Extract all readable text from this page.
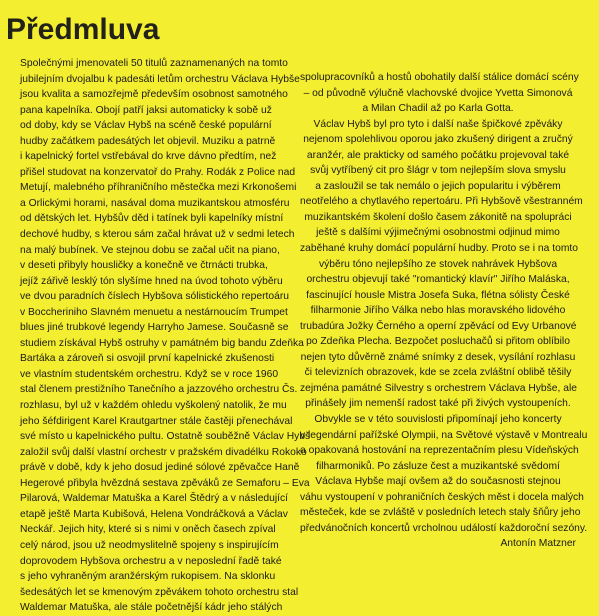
Předmluva
Společnými jmenovateli 50 titulů zaznamenaných na tomto
jubilejním dvojalbu k padesáti letům orchestru Václava Hybše
jsou kvalita a samozřejmě především osobnost samotného
pana kapelníka. Obojí patří jaksi automaticky k sobě už
od doby, kdy se Václav Hybš na scéně české populární
hudby začátkem padesátých let objevil. Muziku a patrně
i kapelnický fortel vstřebával do krve dávno předtím, než
přišel studovat na konzervatoř do Prahy. Rodák z Police nad
Metují, malebného příhraničního městečka mezi Krkonošemi
a Orlickými horami, nasával doma muzikantskou atmosféru
od dětských let. Hybšův děd i tatínek byli kapelníky místní
dechové hudby, s kterou sám začal hrávat už v sedmi letech
na malý bubínek. Ve stejnou dobu se začal učit na piano,
v deseti přibyly housličky a konečně ve čtrnácti trubka,
jejíž zářivě lesklý tón slyšíme hned na úvod tohoto výběru
ve dvou paradních číslech Hybšova sólistického repertoáru
v Boccheriniho Slavném menuetu a nestárnoucím Trumpet
blues jiné trubkové legendy Harryho Jamese. Současně se
studiem získával Hybš ostruhy v památném big bandu Zdeňka
Bartáka a zároveň si osvojil první kapelnické zkušenosti
ve vlastním studentském orchestru. Když se v roce 1960
stal členem prestižního Tanečního a jazzového orchestru Čs.
rozhlasu, byl už v každém ohledu vyškolený natolik, že mu
jeho šéfdirigent Karel Krautgartner stále častěji přenechával
své místo u kapelnického pultu. Ostatně souběžně Václav Hybš
založil svůj další vlastní orchestr v pražském divadélku Rokoko
právě v době, kdy k jeho dosud jediné sólové zpěvačce Haně
Hegerové přibyla hvězdná sestava zpěváků ze Semaforu – Eva
Pilarová, Waldemar Matuška a Karel Štědrý a v následující
etapě ještě Marta Kubišová, Helena Vondráčková a Václav
Neckář. Jejich hity, které si s nimi v oněch časech zpíval
celý národ, jsou už neodmyslitelně spojeny s inspirujícím
doprovodem Hybšova orchestru a v neposlední řadě také
s jeho vyhraněným aranžérským rukopisem. Na sklonku
šedesátých let se kmenovým zpěvákem tohoto orchestru stal
Waldemar Matuška, ale stále početnější kádr jeho stálých
spolupracovníků a hostů obohatily další stálice domácí scény
– od původně výlučně vlachovské dvojice Yvetta Simonová
a Milan Chadil až po Karla Gotta.
Václav Hybš byl pro tyto i další naše špičkové zpěváky
nejenom spolehlivou oporou jako zkušený dirigent a zručný
aranžér, ale prakticky od samého počátku projevoval také
svůj vytříbený cit pro šlágr v tom nejlepším slova smyslu
a zasloužil se tak nemálo o jejich popularitu i výběrem
neotřelého a chytlavého repertoáru. Při Hybšově všestranném
muzikantském školení došlo časem zákonitě na spolupráci
ještě s dalšími výjimečnými osobnostmi odjinud mimo
zaběhané kruhy domácí populární hudby. Proto se i na tomto
výběru tóno nejlepšího ze stovek nahrávek Hybšova
orchestru objevují také "romantický klavír" Jiřího Maláska,
fascinující housle Mistra Josefa Suka, flétna sólisty České
filharmonie Jiřího Válka nebo hlas moravského lidového
trubadúra Jožky Černého a operní zpěvácí od Evy Urbanové
po Zdeňka Plecha. Bezpočet posluchačů si přitom oblíbilo
nejen tyto důvěrně známé snímky z desek, vysílání rozhlasu
či televizních obrazovek, kde se zcela zvláštní oblibě těšily
zejména památné Silvestry s orchestrem Václava Hybše, ale
přinášely jim nemenší radost také při živých vystoupeních.
Obvykle se v této souvislosti připomínají jeho koncerty
v legendární pařížské Olympii, na Světové výstavě v Montrealu
a opakovaná hostování na reprezentačním plesu Vídeňských
filharmoniků. Po zásluze čest a muzikantské svědomí
Václava Hybše mají ovšem až do současnosti stejnou
váhu vystoupení v pohraničních českých měst i docela malých
městeček, kde se zvláště v posledních letech staly šňůry jeho
předvánočních koncertů vrcholnou událostí každoroční sezóny.
Antonín Matzner
